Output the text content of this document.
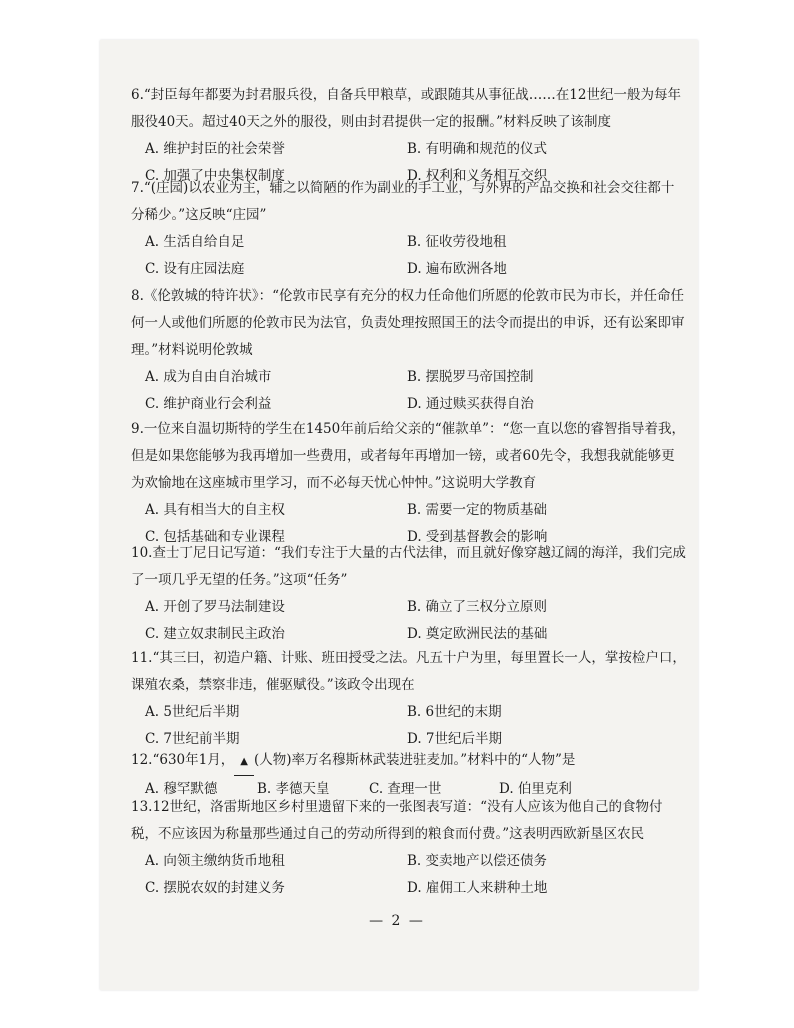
6.“封臣每年都要为封君服兵役，自备兵甲粮草，或跟随其从事征战……在12世纪一般为每年服役40天。超过40天之外的服役，则由封君提供一定的报酬。”材料反映了该制度

A. 维护封臣的社会荣誉	B. 有明确和规范的仪式
C. 加强了中央集权制度	D. 权利和义务相互交织

7.“(庄园)以农业为主，辅之以简陋的作为副业的手工业，与外界的产品交换和社会交往都十分稀少。”这反映“庄园”

A. 生活自给自足	B. 征收劳役地租
C. 设有庄园法庭	D. 遍布欧洲各地

8.《伦敦城的特许状》：“伦敦市民享有充分的权力任命他们所愿的伦敦市民为市长，并任命任何一人或他们所愿的伦敦市民为法官，负责处理按照国王的法令而提出的申诉，还有讼案即审理。”材料说明伦敦城

A. 成为自由自治城市	B. 摆脱罗马帝国控制
C. 维护商业行会利益	D. 通过赎买获得自治

9.一位来自温切斯特的学生在1450年前后给父亲的“催款单”：“您一直以您的睿智指导着我，但是如果您能够为我再增加一些费用，或者每年再增加一镑，或者60先令，我想我就能够更为欢愉地在这座城市里学习，而不必每天忧心忡忡。”这说明大学教育

A. 具有相当大的自主权	B. 需要一定的物质基础
C. 包括基础和专业课程	D. 受到基督教会的影响

10.查士丁尼日记写道：“我们专注于大量的古代法律，而且就好像穿越辽阔的海洋，我们完成了一项几乎无望的任务。”这项“任务”

A. 开创了罗马法制建设	B. 确立了三权分立原则
C. 建立奴隶制民主政治	D. 奠定欧洲民法的基础

11.“其三曰，初造户籍、计账、班田授受之法。凡五十户为里，每里置长一人，掌按检户口，课殖农桑，禁察非违，催驱赋役。”该政令出现在

A. 5世纪后半期	B. 6世纪的末期
C. 7世纪前半期	D. 7世纪后半期

12.“630年1月， ▲ (人物)率万名穆斯林武装进驻麦加。”材料中的“人物”是

A. 穆罕默德	B. 孝德天皇	C. 查理一世	D. 伯里克利

13.12世纪，洛雷斯地区乡村里遗留下来的一张图表写道：“没有人应该为他自己的食物付税，不应该因为称量那些通过自己的劳动所得到的粮食而付费。”这表明西欧新垦区农民

A. 向领主缴纳货币地租	B. 变卖地产以偿还债务
C. 摆脱农奴的封建义务	D. 雇佣工人来耕种土地
— 2 —
